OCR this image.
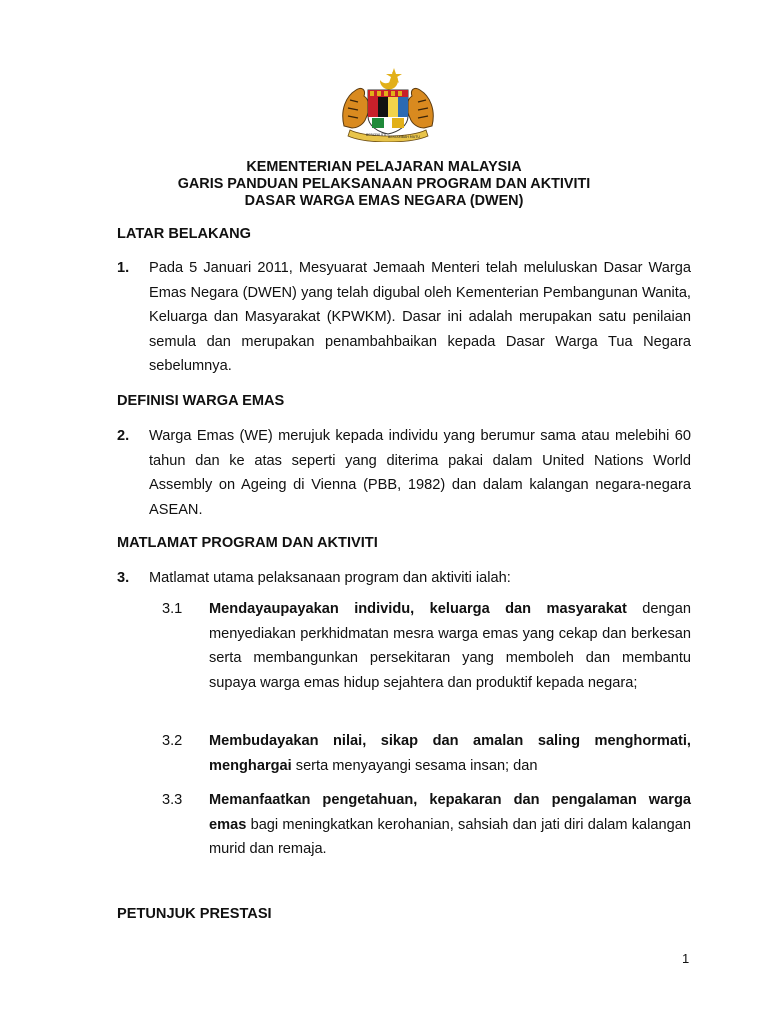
BERSEKUTU BERTAMBAH MUTU
KEMENTERIAN PELAJARAN MALAYSIA
GARIS PANDUAN PELAKSANAAN PROGRAM DAN AKTIVITI
DASAR WARGA EMAS NEGARA (DWEN)
LATAR BELAKANG
1. Pada 5 Januari 2011, Mesyuarat Jemaah Menteri telah meluluskan Dasar Warga Emas Negara (DWEN) yang telah digubal oleh Kementerian Pembangunan Wanita, Keluarga dan Masyarakat (KPWKM). Dasar ini adalah merupakan satu penilaian semula dan merupakan penambahbaikan kepada Dasar Warga Tua Negara sebelumnya.
DEFINISI WARGA EMAS
2. Warga Emas (WE) merujuk kepada individu yang berumur sama atau melebihi 60 tahun dan ke atas seperti yang diterima pakai dalam United Nations World Assembly on Ageing di Vienna (PBB, 1982) dan dalam kalangan negara-negara ASEAN.
MATLAMAT PROGRAM DAN AKTIVITI
3. Matlamat utama pelaksanaan program dan aktiviti ialah:
3.1 Mendayaupayakan individu, keluarga dan masyarakat dengan menyediakan perkhidmatan mesra warga emas yang cekap dan berkesan serta membangunkan persekitaran yang memboleh dan membantu supaya warga emas hidup sejahtera dan produktif kepada negara;
3.2 Membudayakan nilai, sikap dan amalan saling menghormati, menghargai serta menyayangi sesama insan; dan
3.3 Memanfaatkan pengetahuan, kepakaran dan pengalaman warga emas bagi meningkatkan kerohanian, sahsiah dan jati diri dalam kalangan murid dan remaja.
PETUNJUK PRESTASI
1
